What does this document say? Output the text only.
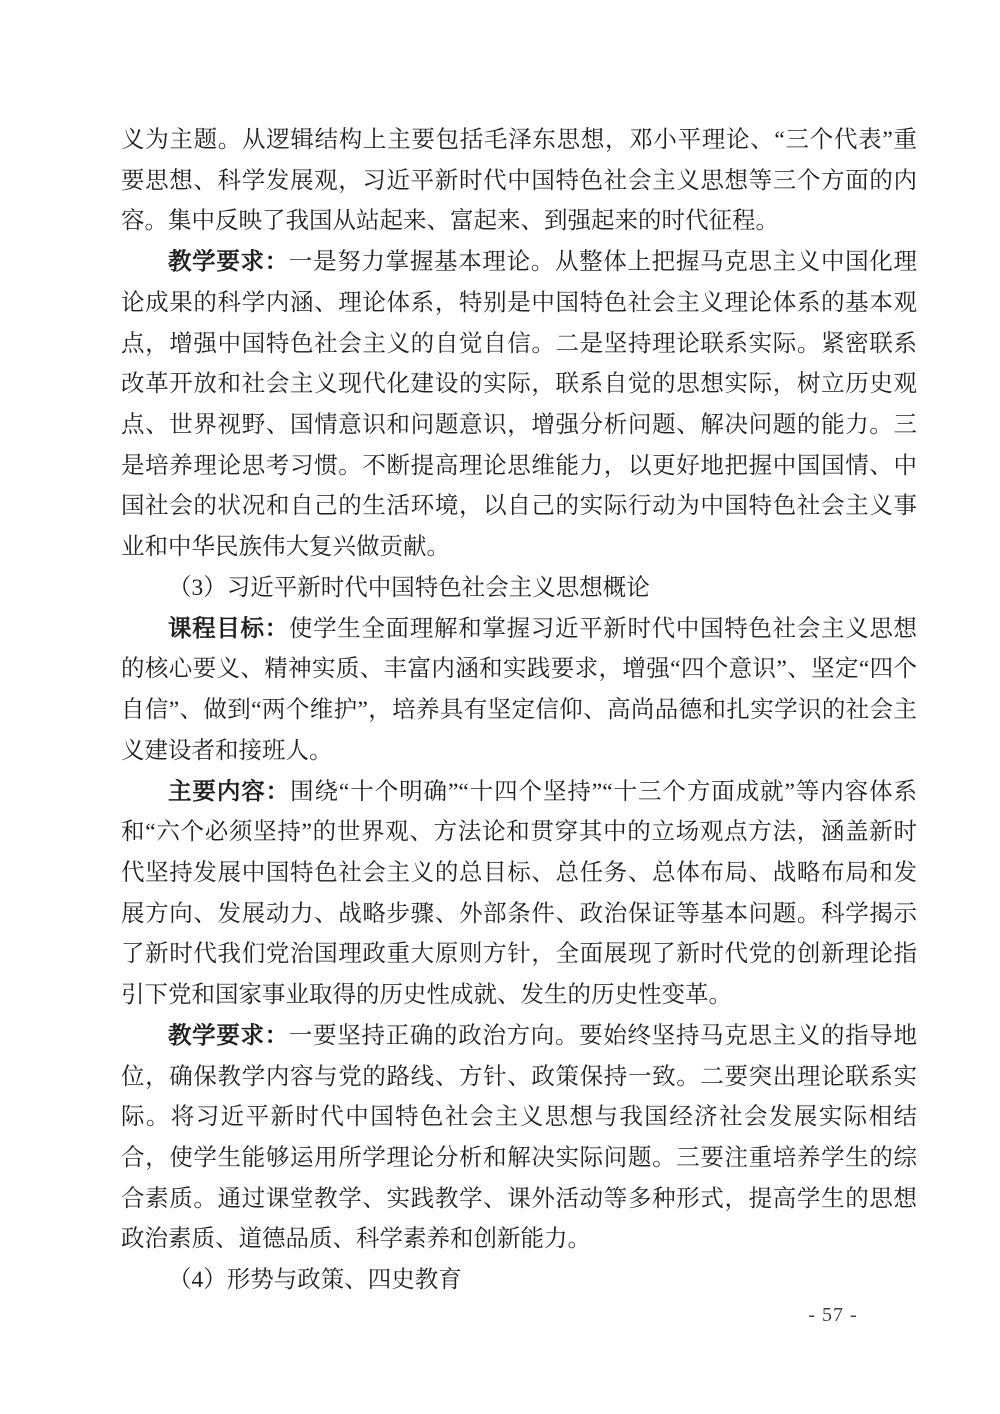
义为主题。从逻辑结构上主要包括毛泽东思想，邓小平理论、“三个代表”重要思想、科学发展观，习近平新时代中国特色社会主义思想等三个方面的内容。集中反映了我国从站起来、富起来、到强起来的时代征程。

教学要求：一是努力掌握基本理论。从整体上把握马克思主义中国化理论成果的科学内涵、理论体系，特别是中国特色社会主义理论体系的基本观点，增强中国特色社会主义的自觉自信。二是坚持理论联系实际。紧密联系改革开放和社会主义现代化建设的实际，联系自觉的思想实际，树立历史观点、世界视野、国情意识和问题意识，增强分析问题、解决问题的能力。三是培养理论思考习惯。不断提高理论思维能力，以更好地把握中国国情、中国社会的状况和自己的生活环境，以自己的实际行动为中国特色社会主义事业和中华民族伟大复兴做贡献。

（3）习近平新时代中国特色社会主义思想概论

课程目标：使学生全面理解和掌握习近平新时代中国特色社会主义思想的核心要义、精神实质、丰富内涵和实践要求，增强“四个意识”、坚定“四个自信”、做到“两个维护”，培养具有坚定信仰、高尚品德和扎实学识的社会主义建设者和接班人。

主要内容：围绕“十个明确”“十四个坚持”“十三个方面成就”等内容体系和“六个必须坚持”的世界观、方法论和贯穿其中的立场观点方法，涵盖新时代坚持发展中国特色社会主义的总目标、总任务、总体布局、战略布局和发展方向、发展动力、战略步骤、外部条件、政治保证等基本问题。科学揭示了新时代我们党治国理政重大原则方针，全面展现了新时代党的创新理论指引下党和国家事业取得的历史性成就、发生的历史性变革。

教学要求：一要坚持正确的政治方向。要始终坚持马克思主义的指导地位，确保教学内容与党的路线、方针、政策保持一致。二要突出理论联系实际。将习近平新时代中国特色社会主义思想与我国经济社会发展实际相结合，使学生能够运用所学理论分析和解决实际问题。三要注重培养学生的综合素质。通过课堂教学、实践教学、课外活动等多种形式，提高学生的思想政治素质、道德品质、科学素养和创新能力。

（4）形势与政策、四史教育

- 57 -
